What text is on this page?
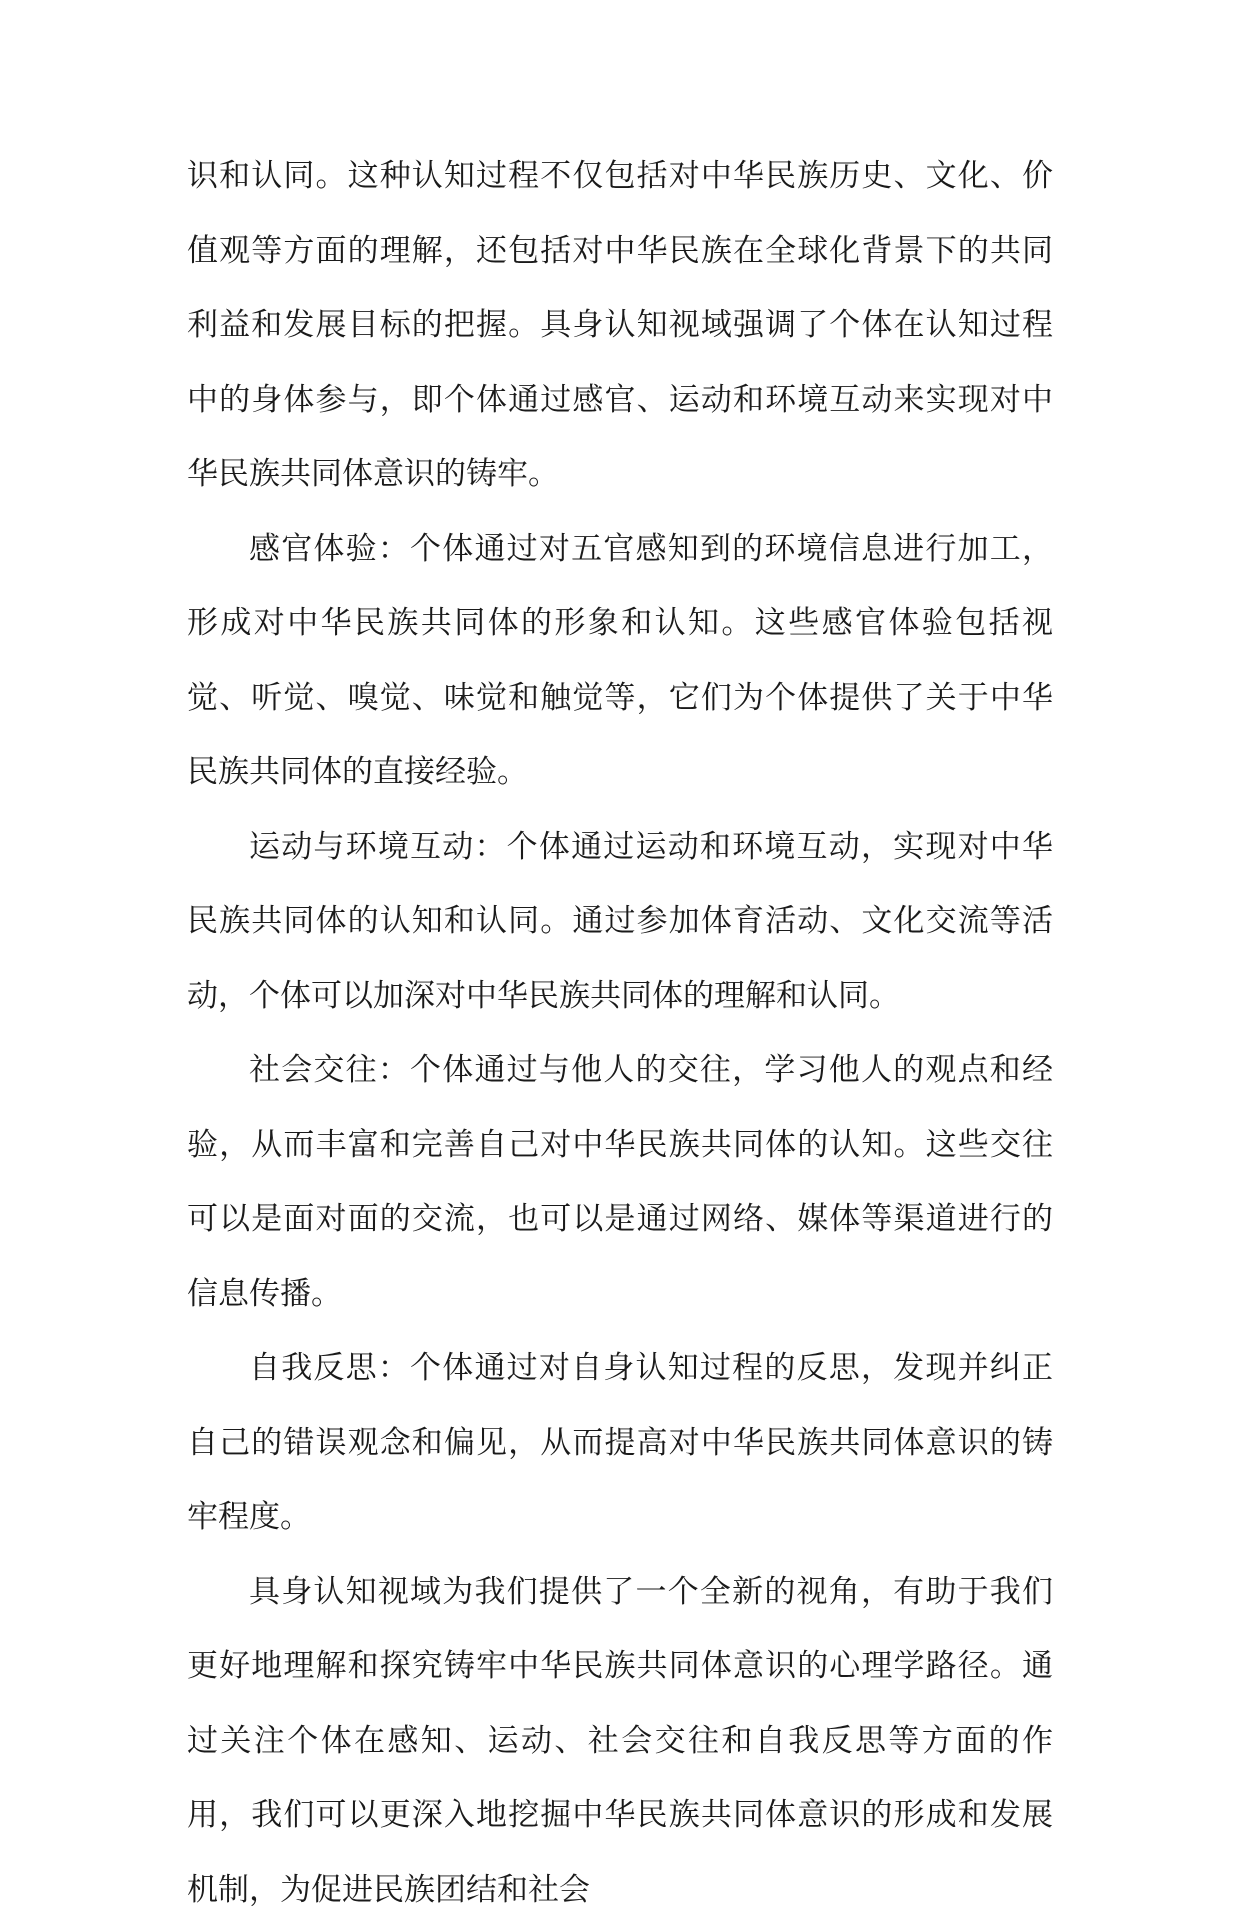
识和认同。这种认知过程不仅包括对中华民族历史、文化、价值观等方面的理解，还包括对中华民族在全球化背景下的共同利益和发展目标的把握。具身认知视域强调了个体在认知过程中的身体参与，即个体通过感官、运动和环境互动来实现对中华民族共同体意识的铸牢。

感官体验：个体通过对五官感知到的环境信息进行加工，形成对中华民族共同体的形象和认知。这些感官体验包括视觉、听觉、嗅觉、味觉和触觉等，它们为个体提供了关于中华民族共同体的直接经验。

运动与环境互动：个体通过运动和环境互动，实现对中华民族共同体的认知和认同。通过参加体育活动、文化交流等活动，个体可以加深对中华民族共同体的理解和认同。

社会交往：个体通过与他人的交往，学习他人的观点和经验，从而丰富和完善自己对中华民族共同体的认知。这些交往可以是面对面的交流，也可以是通过网络、媒体等渠道进行的信息传播。

自我反思：个体通过对自身认知过程的反思，发现并纠正自己的错误观念和偏见，从而提高对中华民族共同体意识的铸牢程度。

具身认知视域为我们提供了一个全新的视角，有助于我们更好地理解和探究铸牢中华民族共同体意识的心理学路径。通过关注个体在感知、运动、社会交往和自我反思等方面的作用，我们可以更深入地挖掘中华民族共同体意识的形成和发展机制，为促进民族团结和社会
